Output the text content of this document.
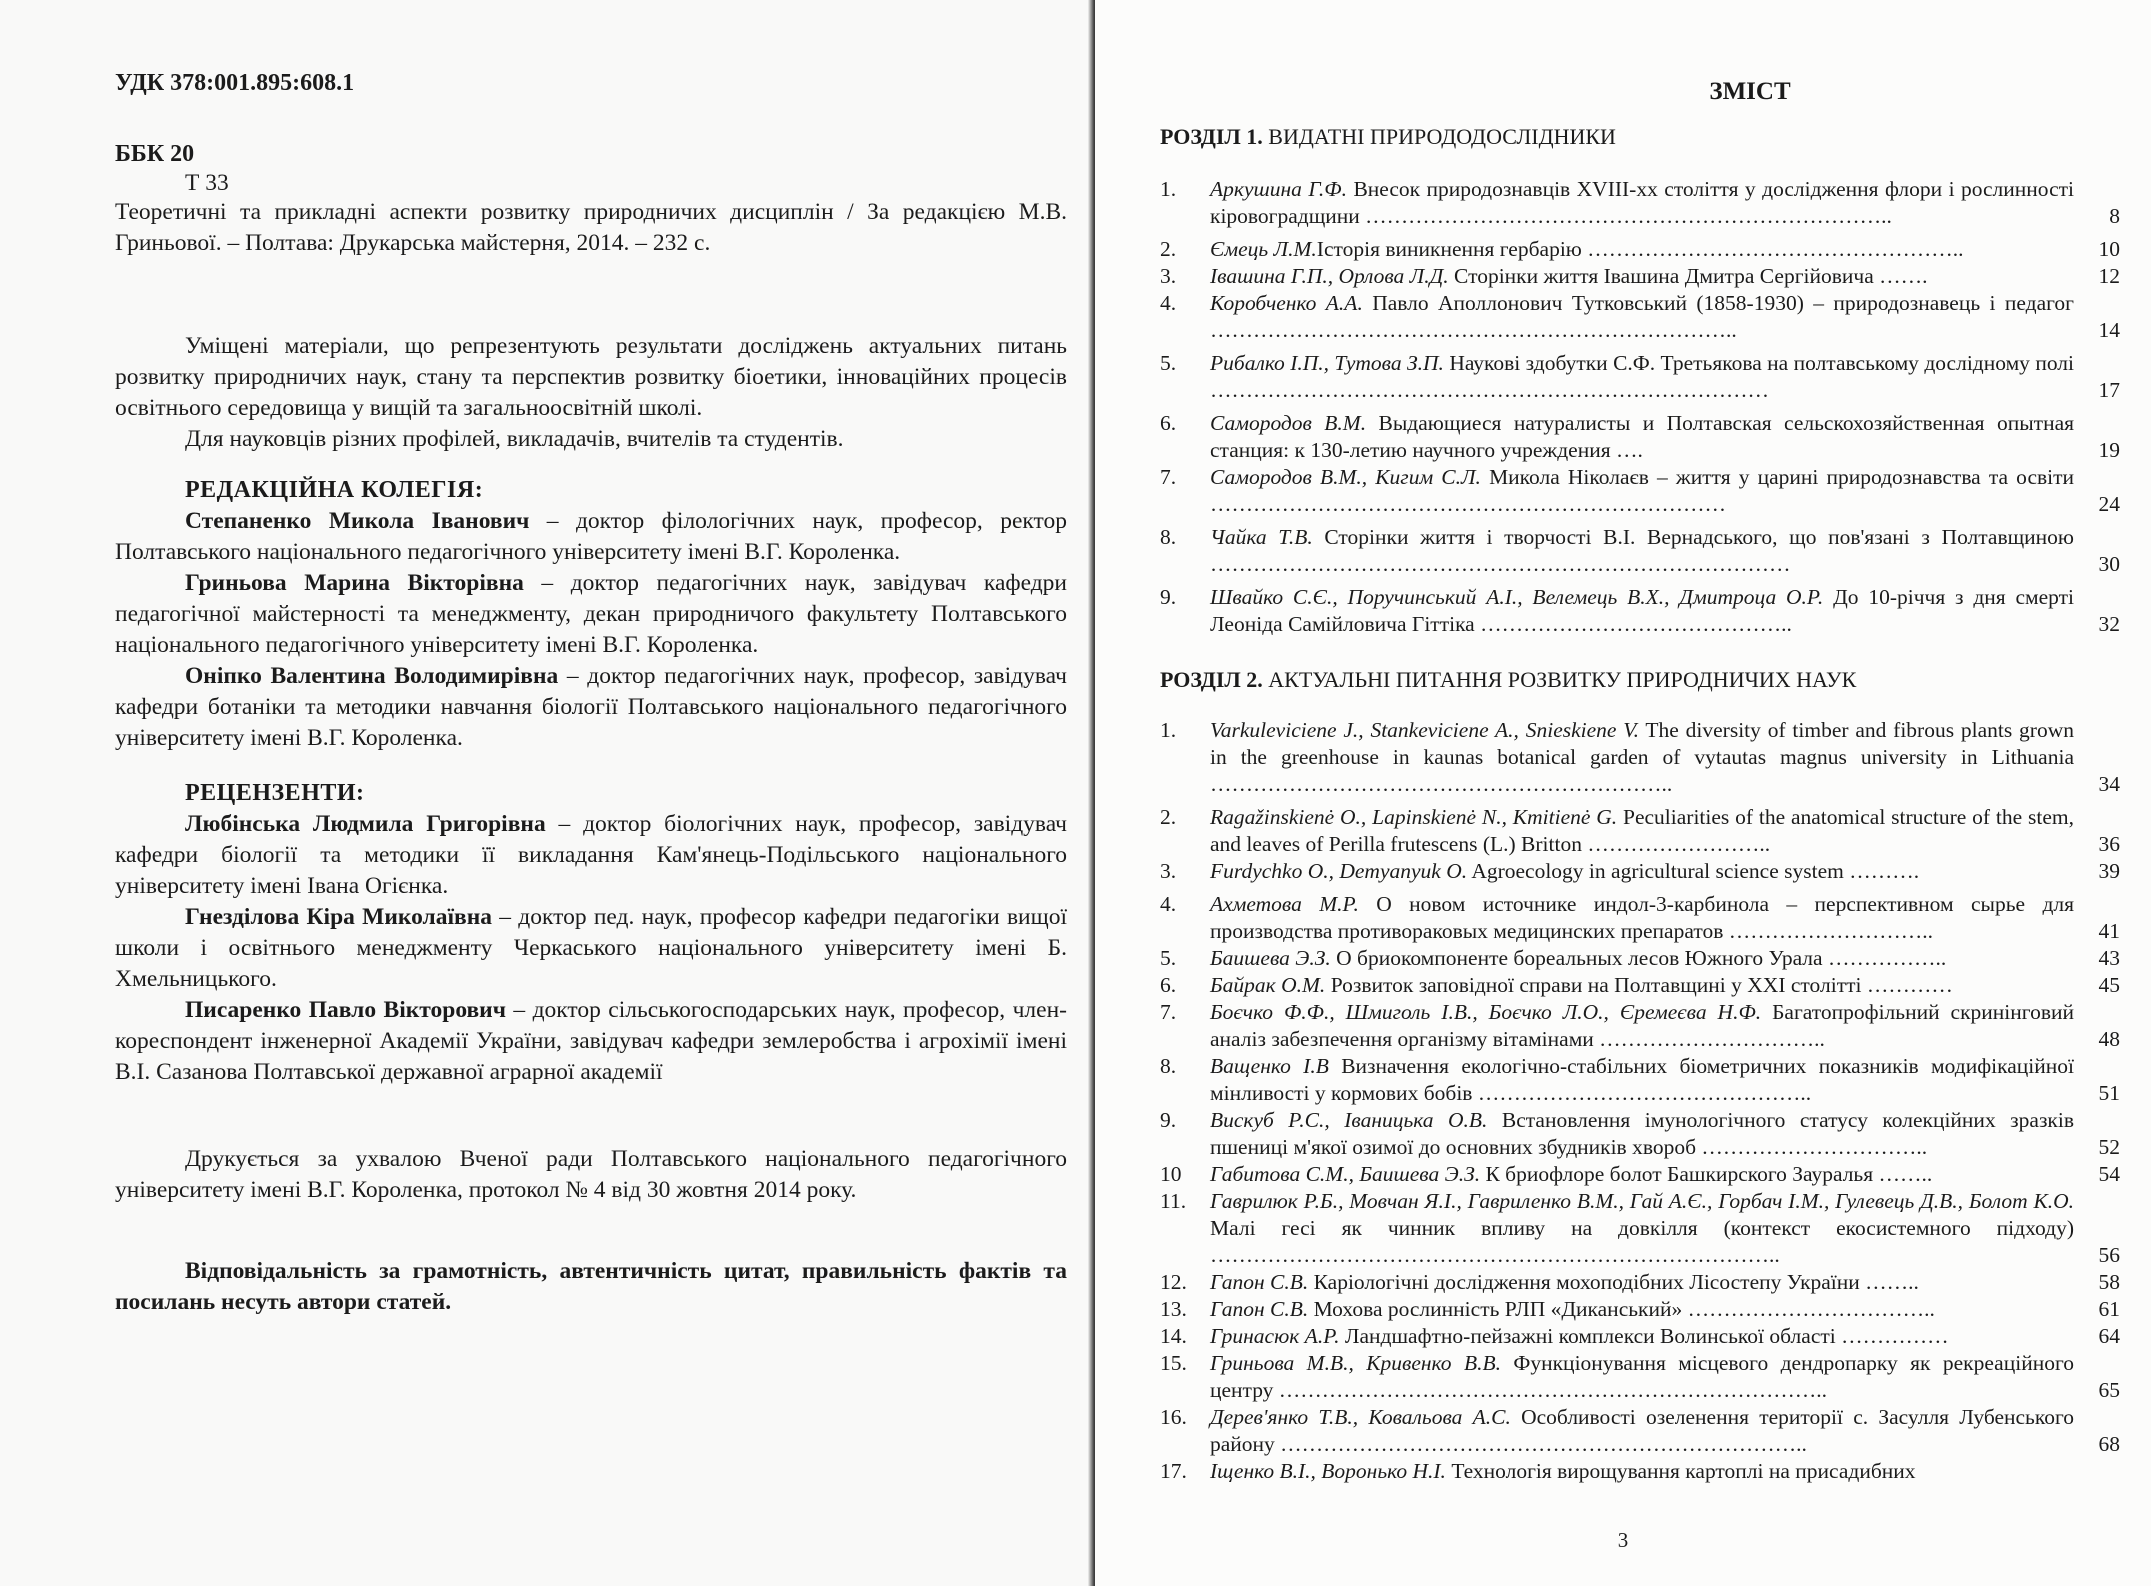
УДК 378:001.895:608.1
ББК 20
Т 33
Теоретичні та прикладні аспекти розвитку природничих дисциплін / За редакцією М.В. Гриньової. – Полтава: Друкарська майстерня, 2014. – 232 с.
Уміщені матеріали, що репрезентують результати досліджень актуальних питань розвитку природничих наук, стану та перспектив розвитку біоетики, інноваційних процесів освітнього середовища у вищій та загальноосвітній школі.
Для науковців різних профілей, викладачів, вчителів та студентів.
РЕДАКЦІЙНА КОЛЕГІЯ:
Степаненко Микола Іванович – доктор філологічних наук, професор, ректор Полтавського національного педагогічного університету імені В.Г. Короленка.
Гриньова Марина Вікторівна – доктор педагогічних наук, завідувач кафедри педагогічної майстерності та менеджменту, декан природничого факультету Полтавського національного педагогічного університету імені В.Г. Короленка.
Оніпко Валентина Володимирівна – доктор педагогічних наук, професор, завідувач кафедри ботаніки та методики навчання біології Полтавського національного педагогічного університету імені В.Г. Короленка.
РЕЦЕНЗЕНТИ:
Любінська Людмила Григорівна – доктор біологічних наук, професор, завідувач кафедри біології та методики її викладання Кам'янець-Подільського національного університету імені Івана Огієнка.
Гнезділова Кіра Миколаївна – доктор пед. наук, професор кафедри педагогіки вищої школи і освітнього менеджменту Черкаського національного університету імені Б. Хмельницького.
Писаренко Павло Вікторович – доктор сільськогосподарських наук, професор, член-кореспондент інженерної Академії України, завідувач кафедри землеробства і агрохімії імені В.І. Сазанова Полтавської державної аграрної академії
Друкується за ухвалою Вченої ради Полтавського національного педагогічного університету імені В.Г. Короленка, протокол № 4 від 30 жовтня 2014 року.
Відповідальність за грамотність, автентичність цитат, правильність фактів та посилань несуть автори статей.
ЗМІСТ
РОЗДІЛ 1. ВИДАТНІ ПРИРОДОДОСЛІДНИКИ
1.	Аркушина Г.Ф. Внесок природознавців XVIII-xx століття у дослідження флори і рослинності кіровоградщини ………………………………………………………………..	8
2.	Ємець Л.М.Історія виникнення гербарію ……………………………………………..	10
3.	Івашина Г.П., Орлова Л.Д. Сторінки життя Івашина Дмитра Сергійовича …….	12
4.	Коробченко А.А. Павло Аполлонович Тутковський (1858-1930) – природознавець і педагог ………………………………………………………………..	14
5.	Рибалко І.П., Тутова З.П. Наукові здобутки С.Ф. Третьякова на полтавському дослідному полі ……………………………………………………………………	17
6.	Самородов В.М. Выдающиеся натуралисты и Полтавская сельскохозяйственная опытная станция: к 130-летию научного учреждения ….	19
7.	Самородов В.М., Кигим С.Л. Микола Ніколаєв – життя у царині природознавства та освіти ………………………………………………………………	24
8.	Чайка Т.В. Сторінки життя і творчості В.І. Вернадського, що пов'язані з Полтавщиною ………………………………………………………………………	30
9.	Швайко С.Є., Поручинський А.І., Велемець В.Х., Дмитроца О.Р. До 10-річчя з дня смерті Леоніда Самійловича Гіттіка ……………………………………..	32
РОЗДІЛ 2. АКТУАЛЬНІ ПИТАННЯ РОЗВИТКУ ПРИРОДНИЧИХ НАУК
1.	Varkuleviciene J., Stankeviciene A., Snieskiene V. The diversity of timber and fibrous plants grown in the greenhouse in kaunas botanical garden of vytautas magnus university in Lithuania ………………………………………………………..	34
2.	Ragažinskienė O., Lapinskienė N., Kmitienė G. Peculiarities of the anatomical structure of the stem, and leaves of Perilla frutescens (L.) Britton ……………………..	36
3.	Furdychko O., Demyanyuk O. Agroecology in agricultural science system ……….	39
4.	Ахметова М.Р. О новом источнике индол-3-карбинола – перспективном сырье для производства противораковых медицинских препаратов ………………………..	41
5.	Баишева Э.З. О бриокомпоненте бореальных лесов Южного Урала ……………..	43
6.	Байрак О.М. Розвиток заповідної справи на Полтавщині у XXI столітті …………	45
7.	Боєчко Ф.Ф., Шмиголь І.В., Боєчко Л.О., Єремеєва Н.Ф. Багатопрофільний скринінговий аналіз забезпечення організму вітамінами …………………………..	48
8.	Ващенко І.В Визначення екологічно-стабільних біометричних показників модифікаційної мінливості у кормових бобів ………………………………………..	51
9.	Вискуб Р.С., Іваницька О.В. Встановлення імунологічного статусу колекційних зразків пшениці м'якої озимої до основних збудників хвороб …………………………..	52
10	Габитова С.М., Баишева Э.З. К бриофлоре болот Башкирского Зауралья ……..	54
11.	Гаврилюк Р.Б., Мовчан Я.І., Гавриленко В.М., Гай А.Є., Горбач І.М., Гулевець Д.В., Болот К.О. Малі гесі як чинник впливу на довкілля (контекст екосистемного підходу) ……………………………………………………………………..	56
12.	Гапон С.В. Каріологічні дослідження мохоподібних Лісостепу України ……..	58
13.	Гапон С.В. Мохова рослинність РЛП «Диканський» ……………………………..	61
14.	Гринасюк А.Р. Ландшафтно-пейзажні комплекси Волинської області ……………	64
15.	Гриньова М.В., Кривенко В.В. Функціонування місцевого дендропарку як рекреаційного центру …………………………………………………………………..	65
16.	Дерев'янко Т.В., Ковальова А.С. Особливості озеленення території с. Засулля Лубенського району ………………………………………………………………..	68
17.	Іщенко В.І., Воронько Н.І. Технологія вирощування картоплі на присадибних
3
